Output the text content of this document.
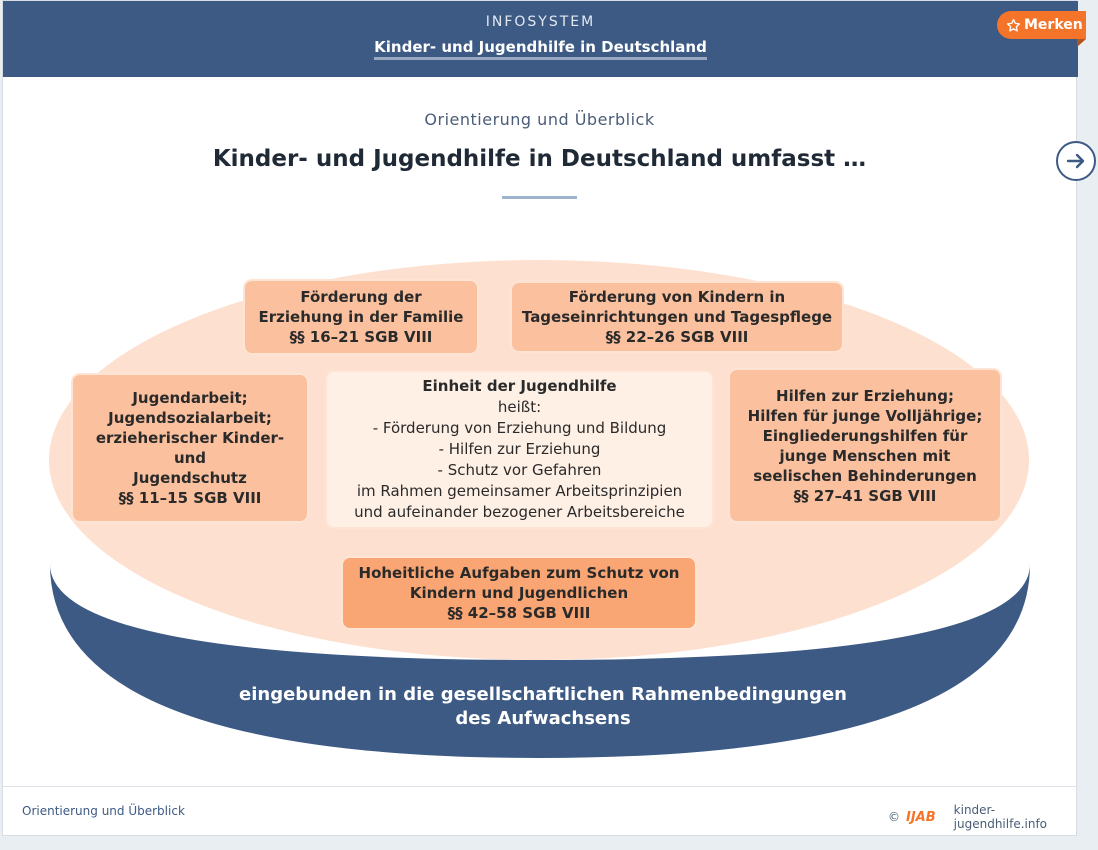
INFOSYSTEM
Kinder- und Jugendhilfe in Deutschland
Merken
Orientierung und Überblick
Kinder- und Jugendhilfe in Deutschland umfasst …
Förderung der
Erziehung in der Familie
§§ 16–21 SGB VIII
Förderung von Kindern in
Tageseinrichtungen und Tagespflege
§§ 22–26 SGB VIII
Jugendarbeit;
Jugendsozialarbeit;
erzieherischer Kinder-
und
Jugendschutz
§§ 11–15 SGB VIII
Einheit der Jugendhilfe
heißt:
- Förderung von Erziehung und Bildung
- Hilfen zur Erziehung
- Schutz vor Gefahren
im Rahmen gemeinsamer Arbeitsprinzipien
und aufeinander bezogener Arbeitsbereiche
Hilfen zur Erziehung;
Hilfen für junge Volljährige;
Eingliederungshilfen für
junge Menschen mit
seelischen Behinderungen
§§ 27–41 SGB VIII
Hoheitliche Aufgaben zum Schutz von
Kindern und Jugendlichen
§§ 42–58 SGB VIII
eingebunden in die gesellschaftlichen Rahmenbedingungen
des Aufwachsens
Orientierung und Überblick	© IJAB kinder-jugendhilfe.info
